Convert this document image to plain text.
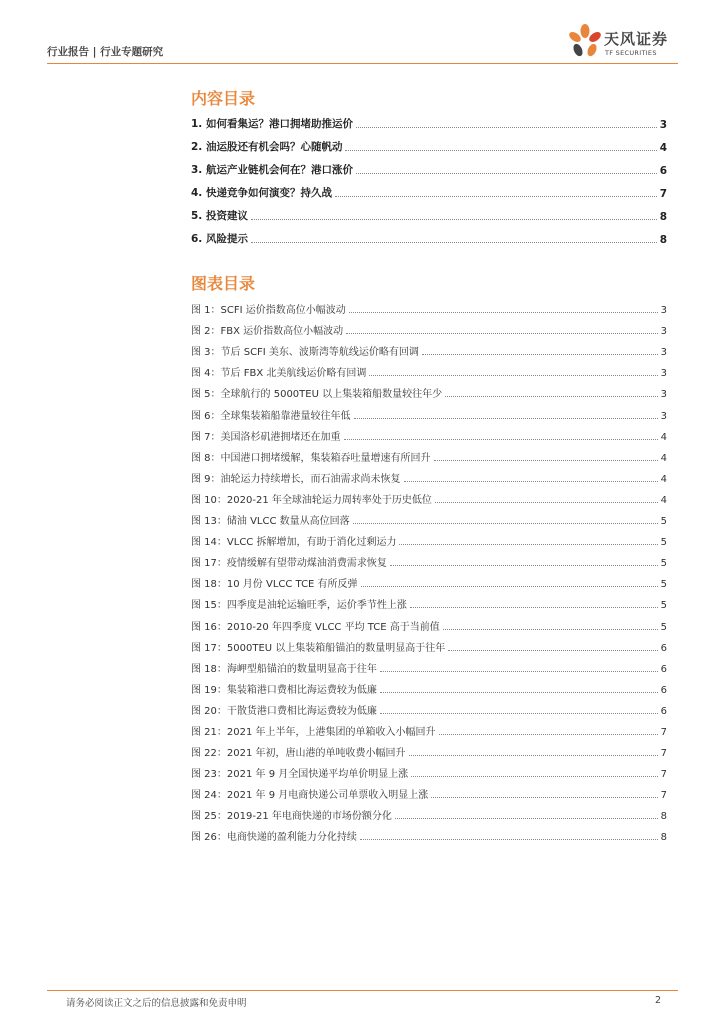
行业报告 | 行业专题研究
天风证券
TF SECURITIES
内容目录
1. 如何看集运？港口拥堵助推运价	3
2. 油运股还有机会吗？心随帆动	4
3. 航运产业链机会何在？港口涨价	6
4. 快递竞争如何演变？持久战	7
5. 投资建议	8
6. 风险提示	8
图表目录
图 1：SCFI 运价指数高位小幅波动	3
图 2：FBX 运价指数高位小幅波动	3
图 3：节后 SCFI 美东、波斯湾等航线运价略有回调	3
图 4：节后 FBX 北美航线运价略有回调	3
图 5：全球航行的 5000TEU 以上集装箱船数量较往年少	3
图 6：全球集装箱船靠港量较往年低	3
图 7：美国洛杉矶港拥堵还在加重	4
图 8：中国港口拥堵缓解，集装箱吞吐量增速有所回升	4
图 9：油轮运力持续增长，而石油需求尚未恢复	4
图 10：2020-21 年全球油轮运力周转率处于历史低位	4
图 13：储油 VLCC 数量从高位回落	5
图 14：VLCC 拆解增加，有助于消化过剩运力	5
图 17：疫情缓解有望带动煤油消费需求恢复	5
图 18：10 月份 VLCC TCE 有所反弹	5
图 15：四季度是油轮运输旺季，运价季节性上涨	5
图 16：2010-20 年四季度 VLCC 平均 TCE 高于当前值	5
图 17：5000TEU 以上集装箱船锚泊的数量明显高于往年	6
图 18：海岬型船锚泊的数量明显高于往年	6
图 19：集装箱港口费相比海运费较为低廉	6
图 20：干散货港口费相比海运费较为低廉	6
图 21：2021 年上半年，上港集团的单箱收入小幅回升	7
图 22：2021 年初，唐山港的单吨收费小幅回升	7
图 23：2021 年 9 月全国快递平均单价明显上涨	7
图 24：2021 年 9 月电商快递公司单票收入明显上涨	7
图 25：2019-21 年电商快递的市场份额分化	8
图 26：电商快递的盈利能力分化持续	8
请务必阅读正文之后的信息披露和免责申明	2
